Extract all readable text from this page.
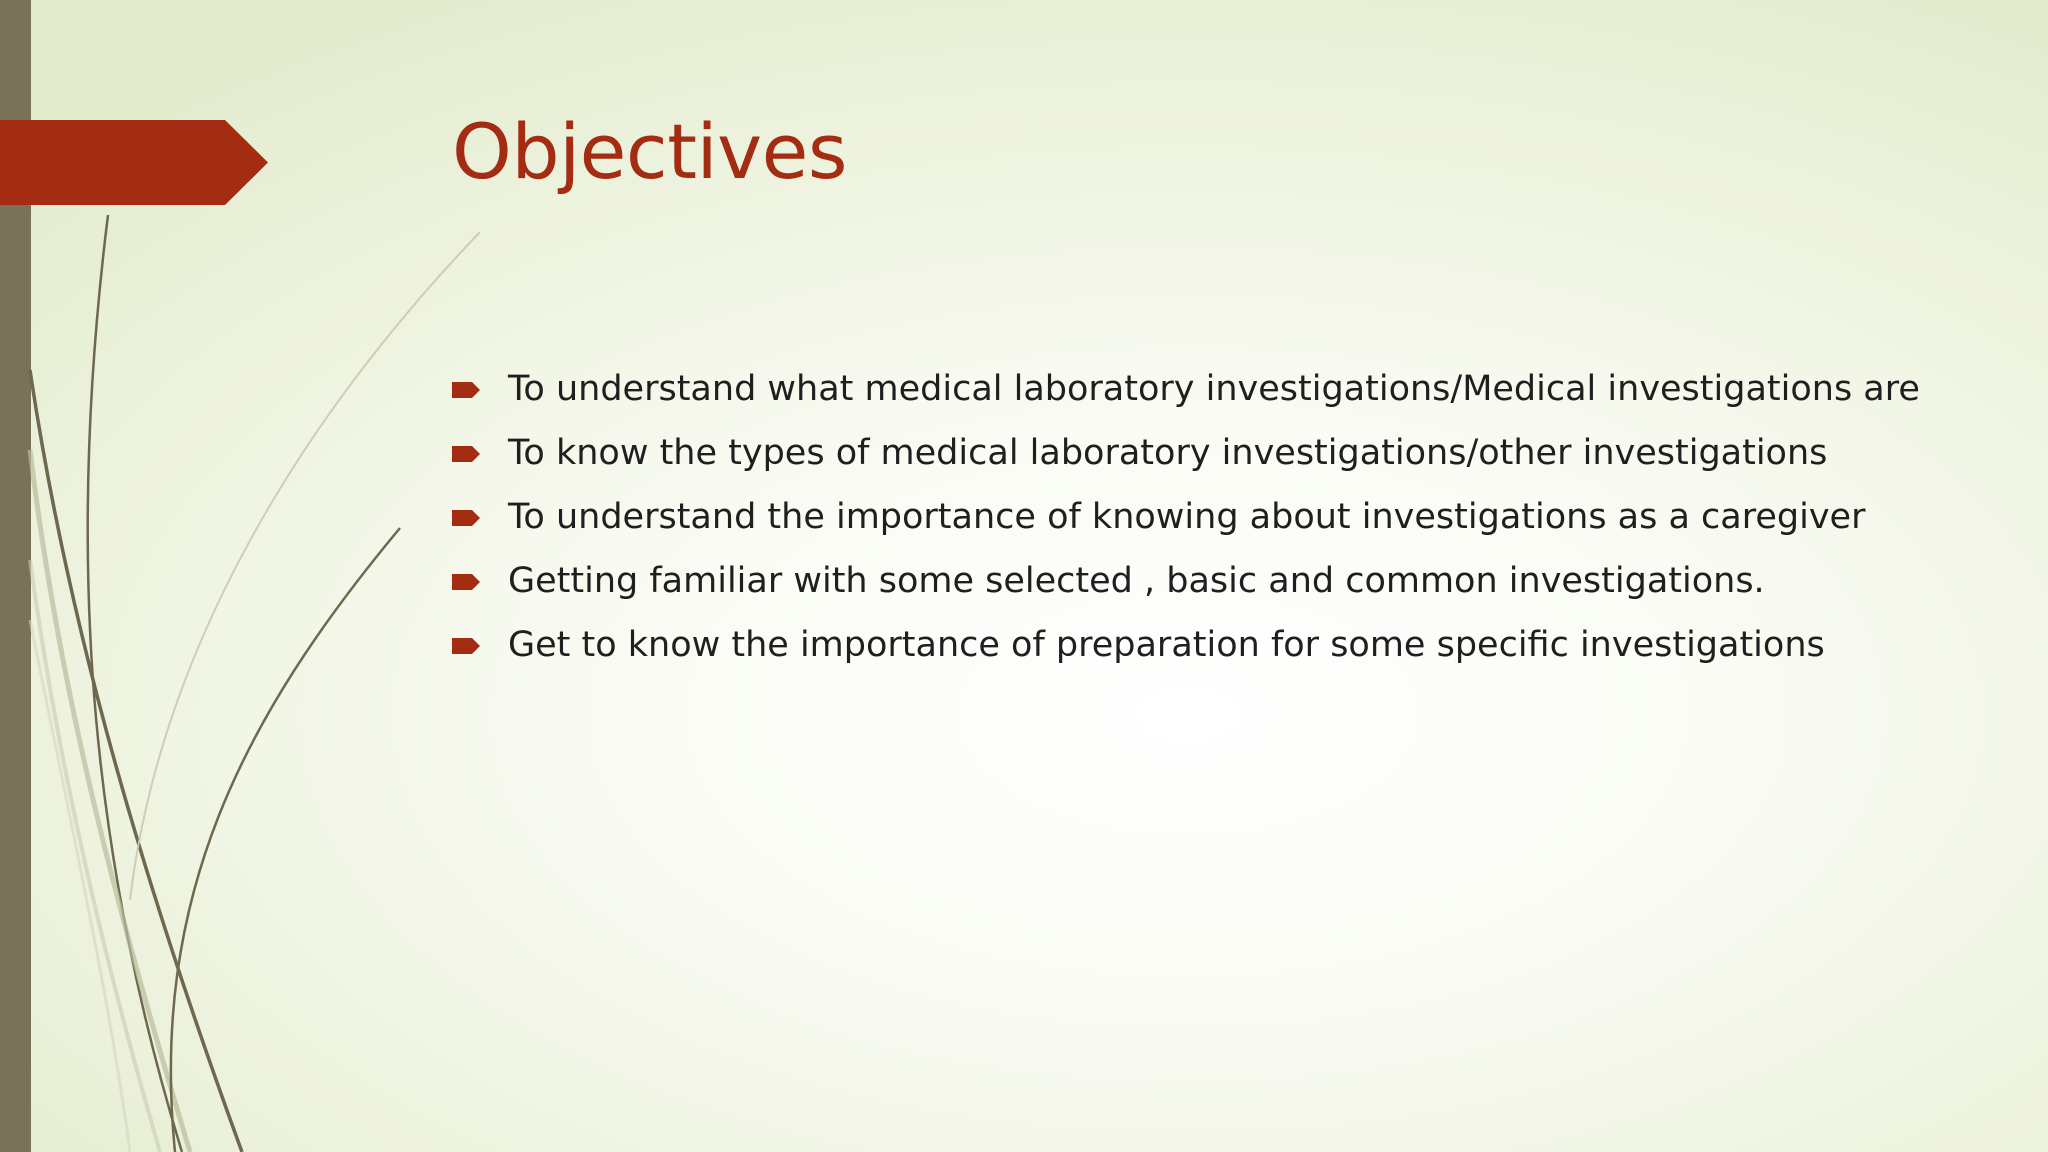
Objectives
To understand what medical laboratory investigations/Medical investigations are
To know the types of medical laboratory investigations/other investigations
To understand the importance of knowing about investigations as a caregiver
Getting familiar with some selected , basic and common investigations.
Get to know the importance of preparation for some specific investigations
